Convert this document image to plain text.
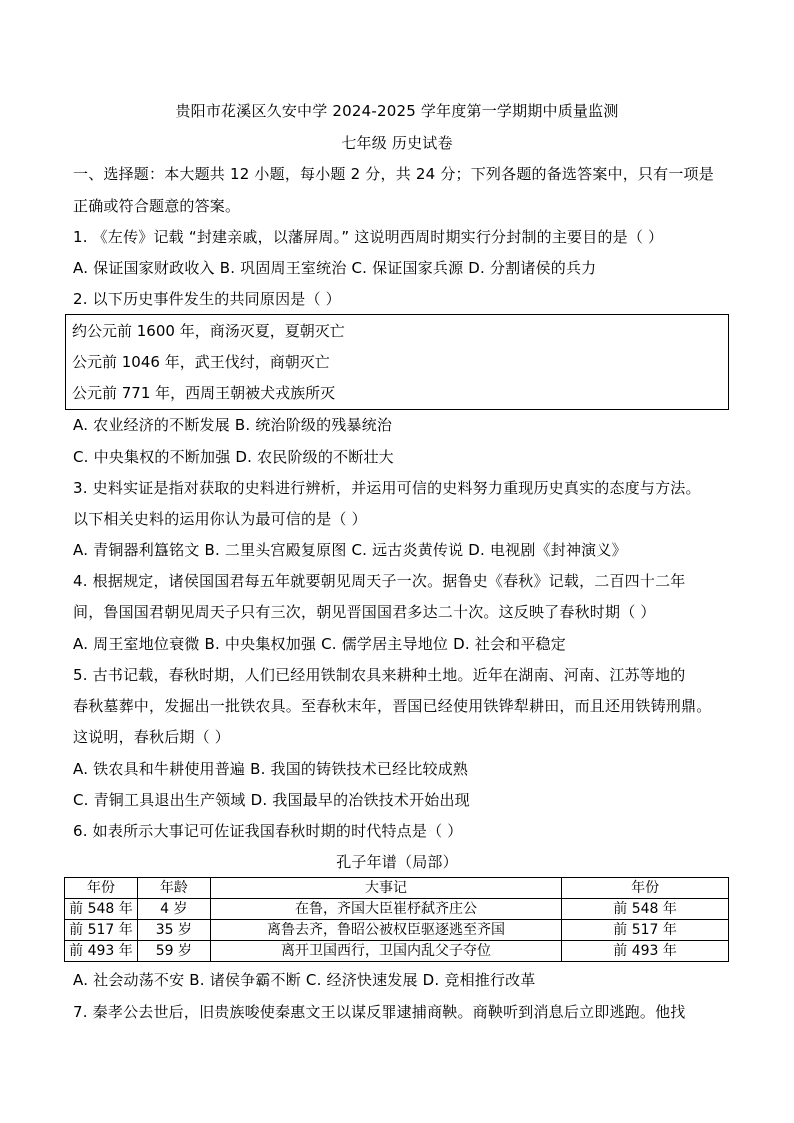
贵阳市花溪区久安中学 2024-2025 学年度第一学期期中质量监测
七年级 历史试卷
一、选择题：本大题共 12 小题，每小题 2 分，共 24 分；下列各题的备选答案中，只有一项是
正确或符合题意的答案。
1. 《左传》记载 “封建亲戚，以藩屏周。” 这说明西周时期实行分封制的主要目的是（ ）
A. 保证国家财政收入 B. 巩固周王室统治 C. 保证国家兵源 D. 分割诸侯的兵力
2. 以下历史事件发生的共同原因是（ ）
约公元前 1600 年，商汤灭夏，夏朝灭亡
公元前 1046 年，武王伐纣，商朝灭亡
公元前 771 年，西周王朝被犬戎族所灭
A. 农业经济的不断发展 B. 统治阶级的残暴统治
C. 中央集权的不断加强 D. 农民阶级的不断壮大
3. 史料实证是指对获取的史料进行辨析，并运用可信的史料努力重现历史真实的态度与方法。
以下相关史料的运用你认为最可信的是（ ）
A. 青铜器利簋铭文 B. 二里头宫殿复原图 C. 远古炎黄传说 D. 电视剧《封神演义》
4. 根据规定，诸侯国国君每五年就要朝见周天子一次。据鲁史《春秋》记载，二百四十二年
间，鲁国国君朝见周天子只有三次，朝见晋国国君多达二十次。这反映了春秋时期（ ）
A. 周王室地位衰微 B. 中央集权加强 C. 儒学居主导地位 D. 社会和平稳定
5. 古书记载，春秋时期，人们已经用铁制农具来耕种土地。近年在湖南、河南、江苏等地的
春秋墓葬中，发掘出一批铁农具。至春秋末年，晋国已经使用铁铧犁耕田，而且还用铁铸刑鼎。
这说明，春秋后期（ ）
A. 铁农具和牛耕使用普遍 B. 我国的铸铁技术已经比较成熟
C. 青铜工具退出生产领域 D. 我国最早的冶铁技术开始出现
6. 如表所示大事记可佐证我国春秋时期的时代特点是（ ）
孔子年谱（局部）
年份	年龄	大事记	年份
前 548 年	4 岁	在鲁，齐国大臣崔杼弑齐庄公	前 548 年
前 517 年	35 岁	离鲁去齐，鲁昭公被权臣驱逐逃至齐国	前 517 年
前 493 年	59 岁	离开卫国西行，卫国内乱父子夺位	前 493 年
A. 社会动荡不安 B. 诸侯争霸不断 C. 经济快速发展 D. 竞相推行改革
7. 秦孝公去世后，旧贵族唆使秦惠文王以谋反罪逮捕商鞅。商鞅听到消息后立即逃跑。他找
